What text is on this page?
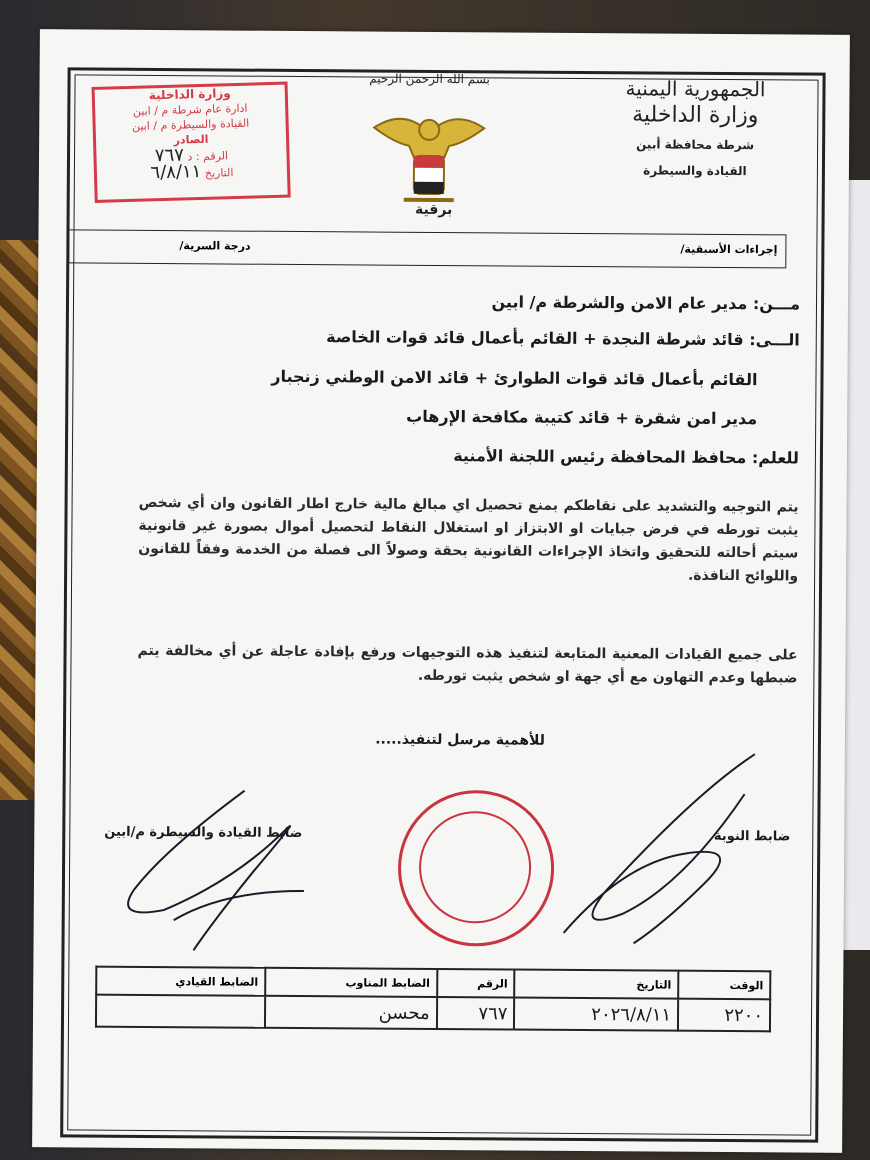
الجمهورية اليمنية
وزارة الداخلية
شرطة محافظة أبين
القيادة والسيطرة
بسم الله الرحمن الرحيم
برقية
وزارة الداخلية
ادارة عام شرطة م / ابين
القيادة والسيطرة م / ابين
الصادر
الرقم : د ٧٦٧
التاريخ ٦/٨/١١
إجراءات الأسبقية/
درجة السرية/
مـــن: مدير عام الامن والشرطة م/ ابين
الـــى: قائد شرطة النجدة + القائم بأعمال قائد قوات الخاصة
القائم بأعمال قائد قوات الطوارئ + قائد الامن الوطني زنجبار
مدير امن شقرة + قائد كتيبة مكافحة الإرهاب
للعلم: محافظ المحافظة رئيس اللجنة الأمنية
يتم التوجيه والتشديد على نقاطكم بمنع تحصيل اي مبالغ مالية خارج اطار القانون وان أي شخص يثبت تورطه في فرض جبايات او الابتزاز او استغلال النقاط لتحصيل أموال بصورة غير قانونية سيتم أحالته للتحقيق واتخاذ الإجراءات القانونية بحقة وصولاً الى فصلة من الخدمة وفقاً للقانون واللوائح النافذة.
على جميع القيادات المعنية المتابعة لتنفيذ هذه التوجيهات ورفع بإفادة عاجلة عن أي مخالفة يتم ضبطها وعدم التهاون مع أي جهة او شخص يثبت تورطه.
للأهمية مرسل لتنفيذ.....
ضابط القيادة والسيطرة م/ابين	ضابط النوبة
الوقت	التاريخ	الرقم	الضابط المناوب	الضابط القيادي
٢٢٠٠	٢٠٢٦/٨/١١	٧٦٧	محسن	
